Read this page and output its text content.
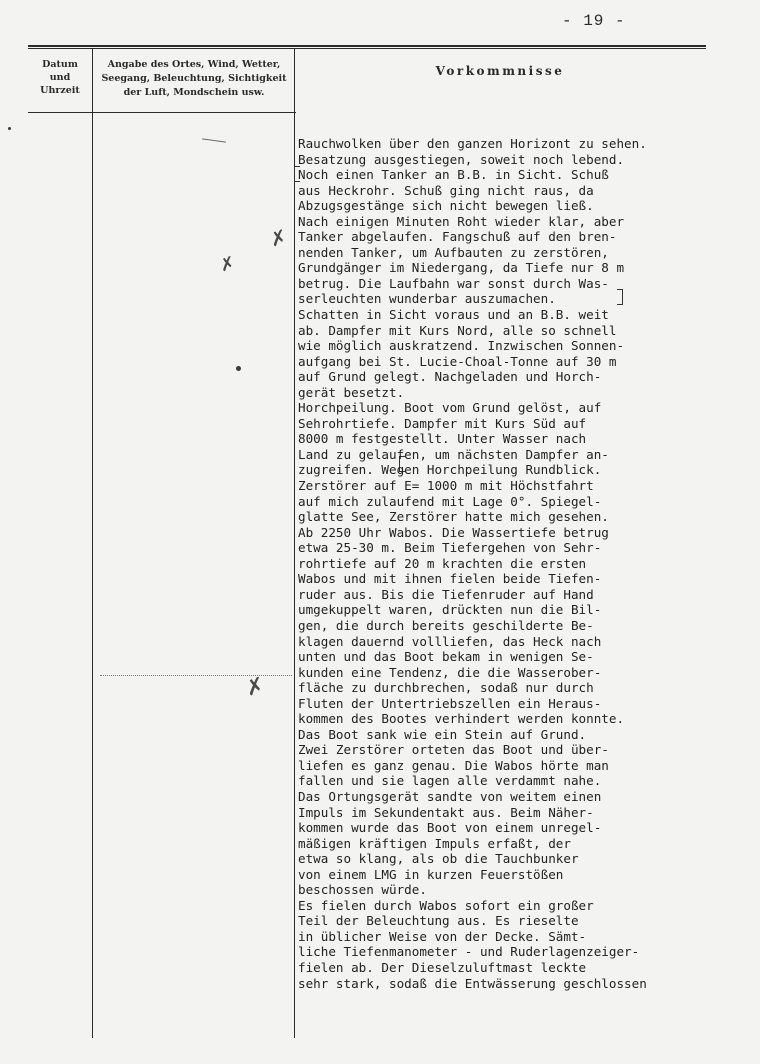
- 19 -
Datum
und
Uhrzeit
Angabe des Ortes, Wind, Wetter,
Seegang, Beleuchtung, Sichtigkeit
der Luft, Mondschein usw.
Vorkommnisse
✗
✗
✗
Rauchwolken über den ganzen Horizont zu sehen.
Besatzung ausgestiegen, soweit noch lebend.
Noch einen Tanker an B.B. in Sicht. Schuß
aus Heckrohr. Schuß ging nicht raus, da
Abzugsgestänge sich nicht bewegen ließ.
Nach einigen Minuten Roht wieder klar, aber
Tanker abgelaufen. Fangschuß auf den bren-
nenden Tanker, um Aufbauten zu zerstören,
Grundgänger im Niedergang, da Tiefe nur 8 m
betrug. Die Laufbahn war sonst durch Was-
serleuchten wunderbar auszumachen.
Schatten in Sicht voraus und an B.B. weit
ab. Dampfer mit Kurs Nord, alle so schnell
wie möglich auskratzend. Inzwischen Sonnen-
aufgang bei St. Lucie-Choal-Tonne auf 30 m
auf Grund gelegt. Nachgeladen und Horch-
gerät besetzt.
Horchpeilung. Boot vom Grund gelöst, auf
Sehrohrtiefe. Dampfer mit Kurs Süd auf
8000 m festgestellt. Unter Wasser nach
Land zu gelaufen, um nächsten Dampfer an-
zugreifen. Wegen Horchpeilung Rundblick.
Zerstörer auf E= 1000 m mit Höchstfahrt
auf mich zulaufend mit Lage 0°. Spiegel-
glatte See, Zerstörer hatte mich gesehen.
Ab 2250 Uhr Wabos. Die Wassertiefe betrug
etwa 25-30 m. Beim Tiefergehen von Sehr-
rohrtiefe auf 20 m krachten die ersten
Wabos und mit ihnen fielen beide Tiefen-
ruder aus. Bis die Tiefenruder auf Hand
umgekuppelt waren, drückten nun die Bil-
gen, die durch bereits geschilderte Be-
klagen dauernd vollliefen, das Heck nach
unten und das Boot bekam in wenigen Se-
kunden eine Tendenz, die die Wasserober-
fläche zu durchbrechen, sodaß nur durch
Fluten der Untertriebszellen ein Heraus-
kommen des Bootes verhindert werden konnte.
Das Boot sank wie ein Stein auf Grund.
Zwei Zerstörer orteten das Boot und über-
liefen es ganz genau. Die Wabos hörte man
fallen und sie lagen alle verdammt nahe.
Das Ortungsgerät sandte von weitem einen
Impuls im Sekundentakt aus. Beim Näher-
kommen wurde das Boot von einem unregel-
mäßigen kräftigen Impuls erfaßt, der
etwa so klang, als ob die Tauchbunker
von einem LMG in kurzen Feuerstößen
beschossen würde.
Es fielen durch Wabos sofort ein großer
Teil der Beleuchtung aus. Es rieselte
in üblicher Weise von der Decke. Sämt-
liche Tiefenmanometer - und Ruderlagenzeiger-
fielen ab. Der Dieselzuluftmast leckte
sehr stark, sodaß die Entwässerung geschlossen
